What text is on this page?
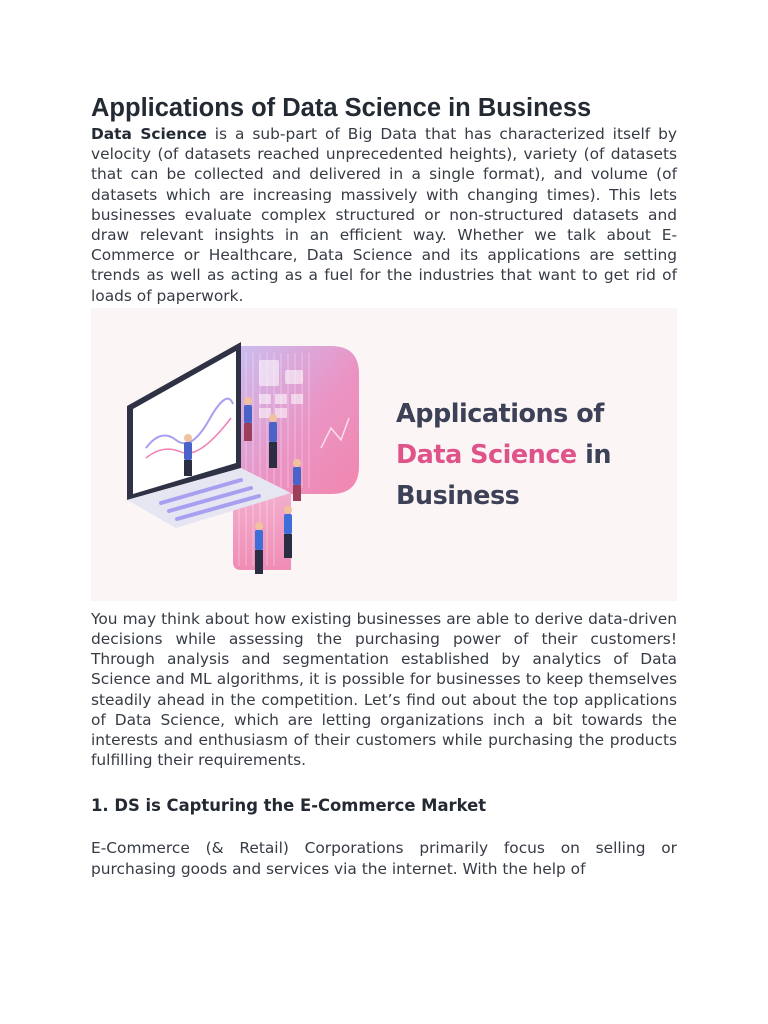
Applications of Data Science in Business

Data Science is a sub-part of Big Data that has characterized itself by velocity (of datasets reached unprecedented heights), variety (of datasets that can be collected and delivered in a single format), and volume (of datasets which are increasing massively with changing times). This lets businesses evaluate complex structured or non-structured datasets and draw relevant insights in an efficient way. Whether we talk about E-Commerce or Healthcare, Data Science and its applications are setting trends as well as acting as a fuel for the industries that want to get rid of loads of paperwork.

Applications of
Data Science in
Business

You may think about how existing businesses are able to derive data-driven decisions while assessing the purchasing power of their customers! Through analysis and segmentation established by analytics of Data Science and ML algorithms, it is possible for businesses to keep themselves steadily ahead in the competition. Let’s find out about the top applications of Data Science, which are letting organizations inch a bit towards the interests and enthusiasm of their customers while purchasing the products fulfilling their requirements.

1. DS is Capturing the E-Commerce Market

E-Commerce (& Retail) Corporations primarily focus on selling or purchasing goods and services via the internet. With the help of
